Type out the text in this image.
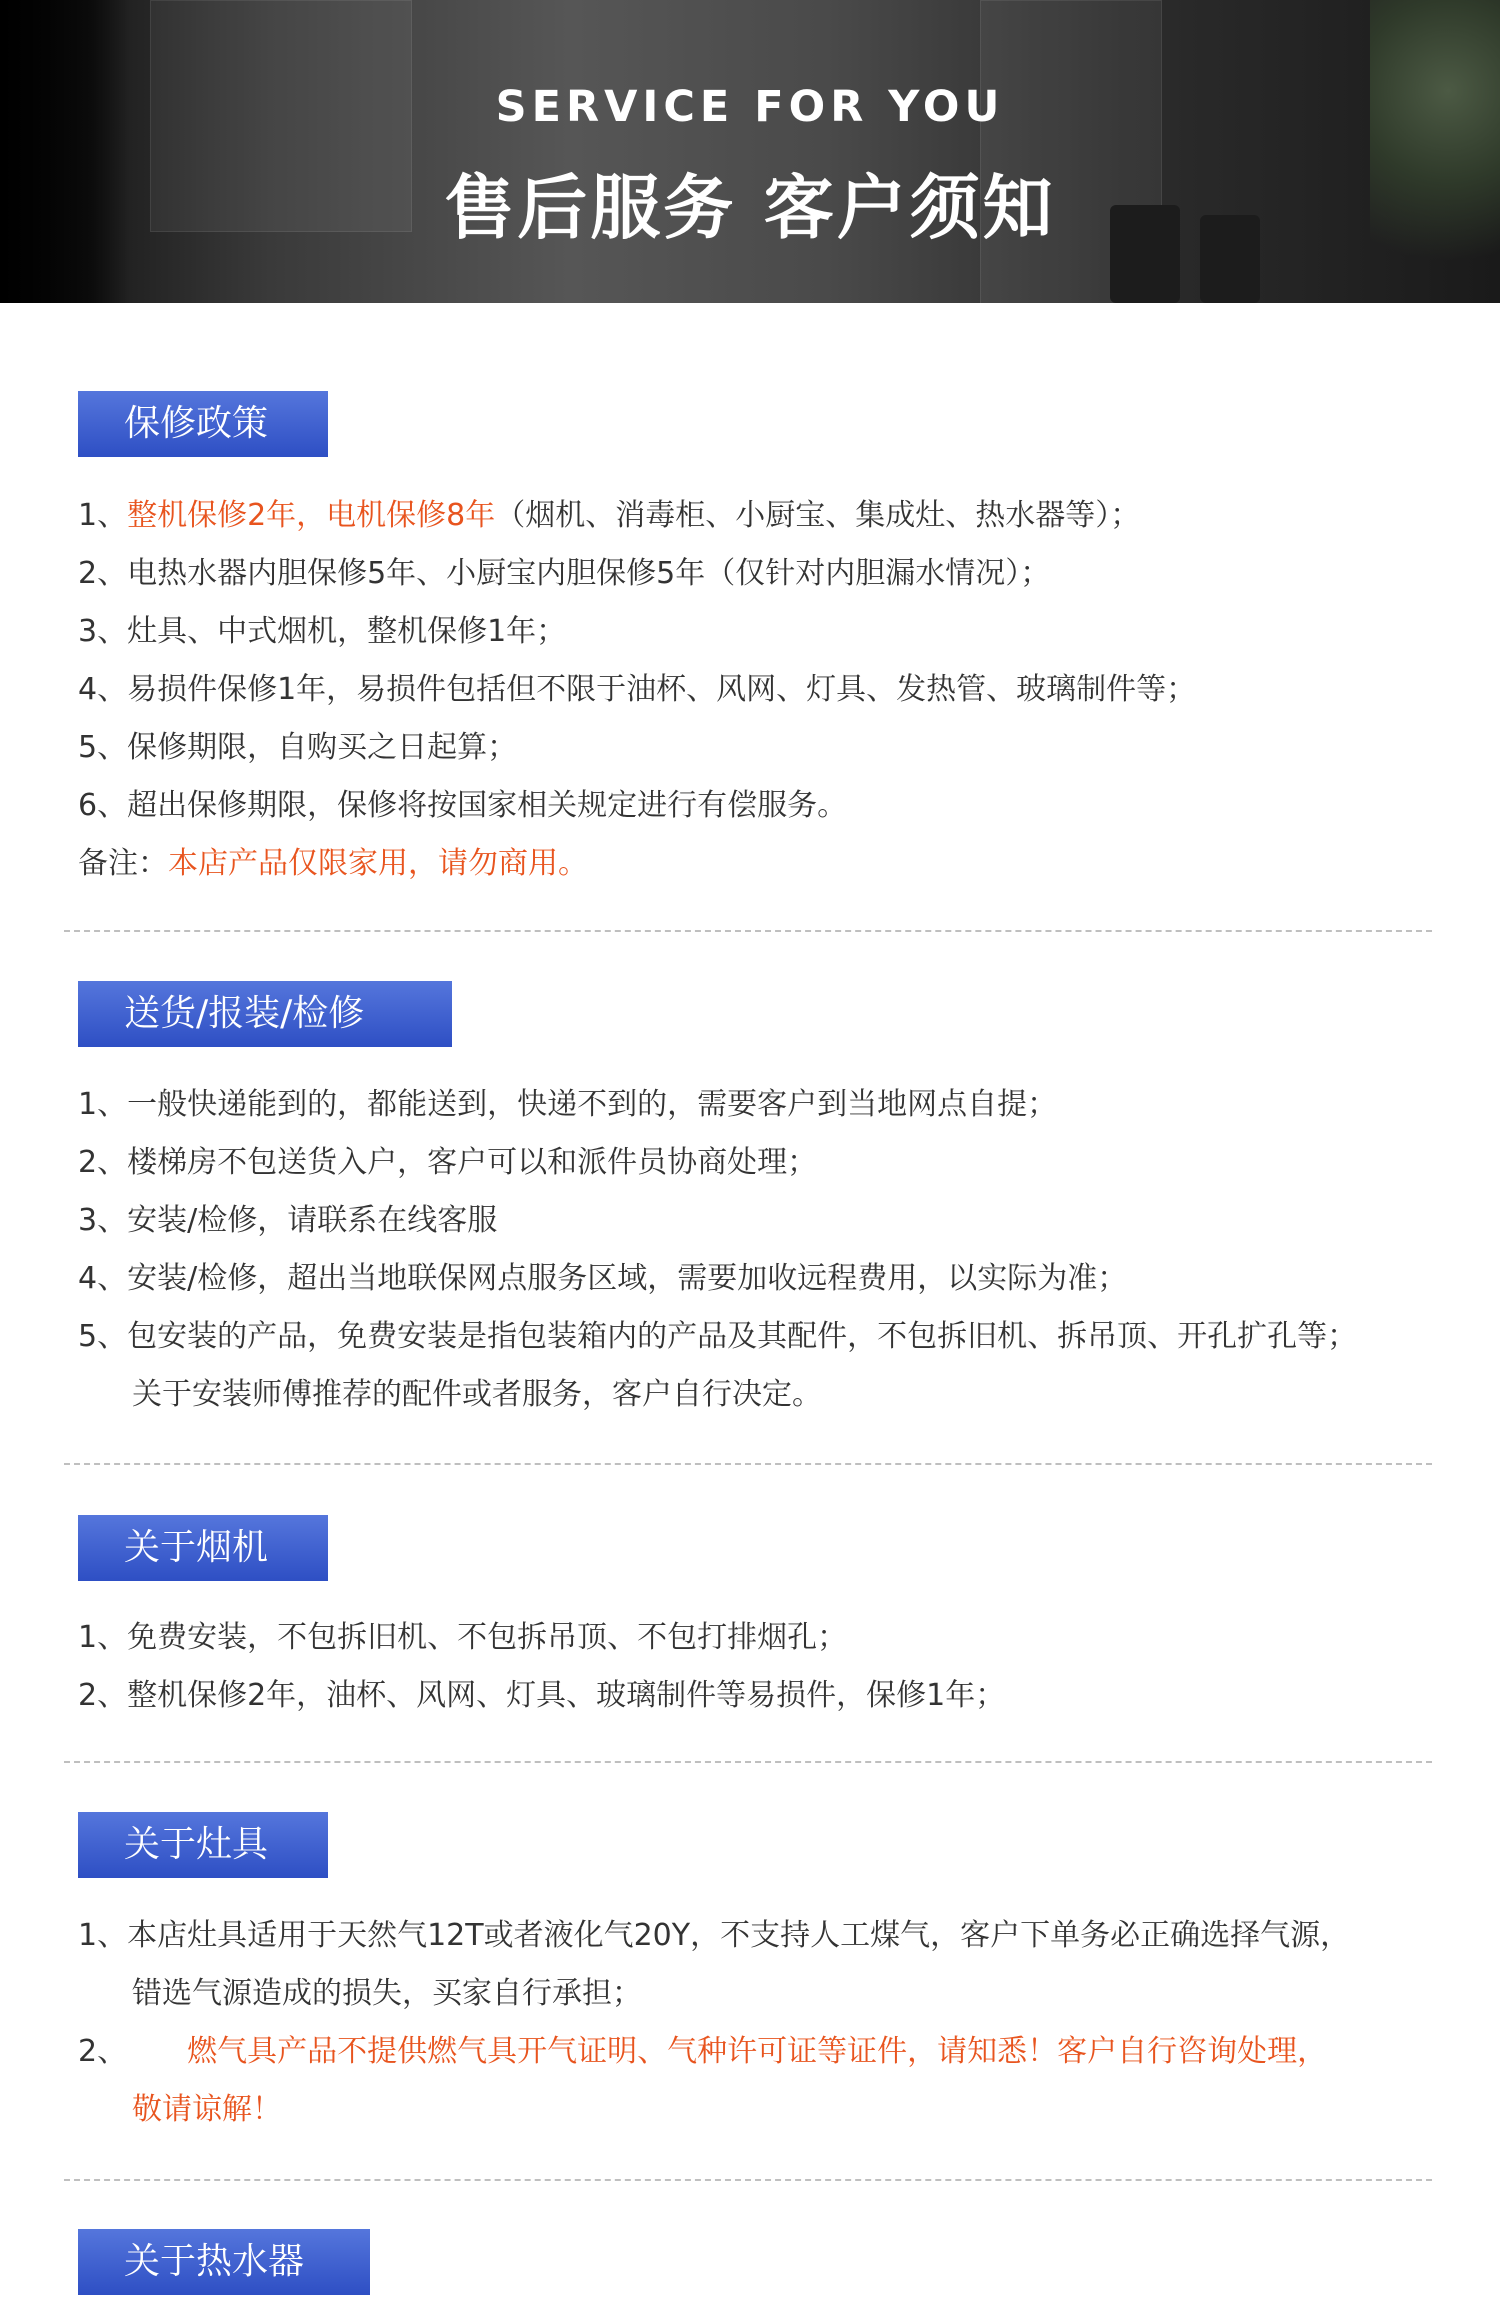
SERVICE FOR YOU
售后服务 客户须知
保修政策
1、整机保修2年，电机保修8年（烟机、消毒柜、小厨宝、集成灶、热水器等）；
2、电热水器内胆保修5年、小厨宝内胆保修5年（仅针对内胆漏水情况）；
3、灶具、中式烟机，整机保修1年；
4、易损件保修1年，易损件包括但不限于油杯、风网、灯具、发热管、玻璃制件等；
5、保修期限，自购买之日起算；
6、超出保修期限，保修将按国家相关规定进行有偿服务。
备注：本店产品仅限家用，请勿商用。
送货/报装/检修
1、一般快递能到的，都能送到，快递不到的，需要客户到当地网点自提；
2、楼梯房不包送货入户，客户可以和派件员协商处理；
3、安装/检修，请联系在线客服
4、安装/检修，超出当地联保网点服务区域，需要加收远程费用，以实际为准；
5、包安装的产品，免费安装是指包装箱内的产品及其配件，不包拆旧机、拆吊顶、开孔扩孔等；
关于安装师傅推荐的配件或者服务，客户自行决定。
关于烟机
1、免费安装，不包拆旧机、不包拆吊顶、不包打排烟孔；
2、整机保修2年，油杯、风网、灯具、玻璃制件等易损件，保修1年；
关于灶具
1、本店灶具适用于天然气12T或者液化气20Y，不支持人工煤气，客户下单务必正确选择气源，
错选气源造成的损失，买家自行承担；
2、 燃气具产品不提供燃气具开气证明、气种许可证等证件，请知悉！客户自行咨询处理，
敬请谅解！
关于热水器
